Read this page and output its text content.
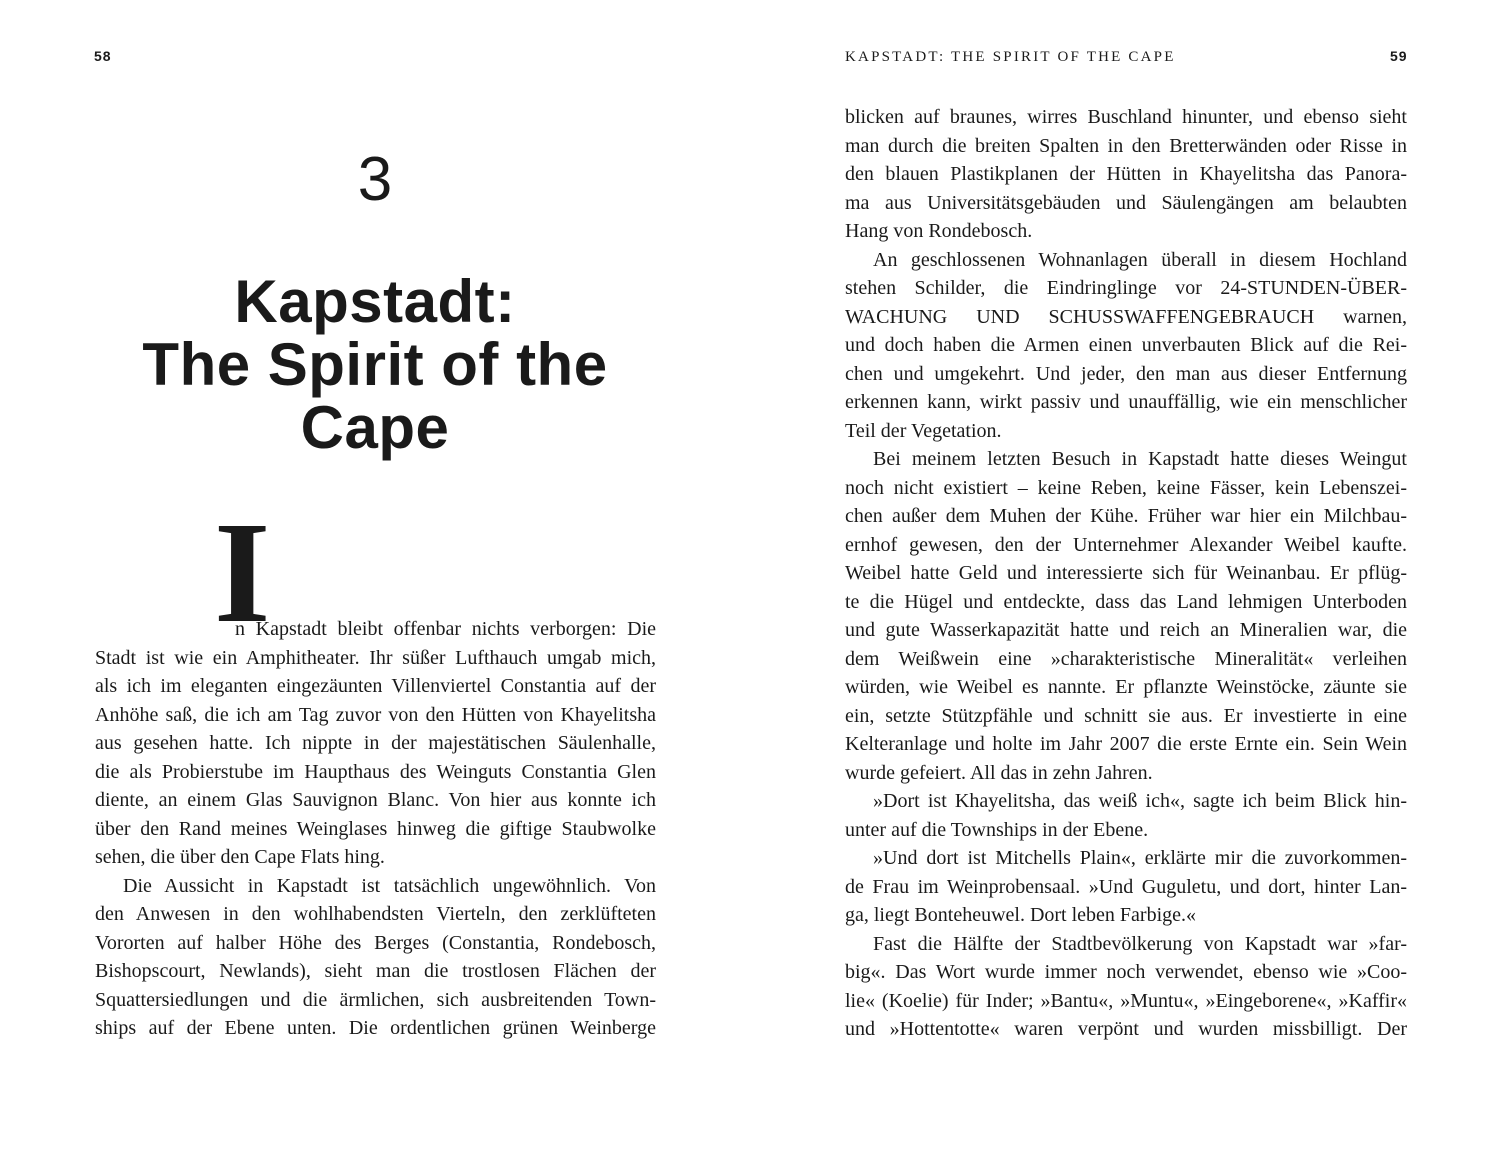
58
3
Kapstadt:
The Spirit of the
Cape
I
n Kapstadt bleibt offenbar nichts verborgen: Die
Stadt ist wie ein Amphitheater. Ihr süßer Lufthauch umgab mich,
als ich im eleganten eingezäunten Villenviertel Constantia auf der
Anhöhe saß, die ich am Tag zuvor von den Hütten von Khayelitsha
aus gesehen hatte. Ich nippte in der majestätischen Säulenhalle,
die als Probierstube im Haupthaus des Weinguts Constantia Glen
diente, an einem Glas Sauvignon Blanc. Von hier aus konnte ich
über den Rand meines Weinglases hinweg die giftige Staubwolke
sehen, die über den Cape Flats hing.
Die Aussicht in Kapstadt ist tatsächlich ungewöhnlich. Von
den Anwesen in den wohlhabendsten Vierteln, den zerklüfteten
Vororten auf halber Höhe des Berges (Constantia, Rondebosch,
Bishopscourt, Newlands), sieht man die trostlosen Flächen der
Squattersiedlungen und die ärmlichen, sich ausbreitenden Town-
ships auf der Ebene unten. Die ordentlichen grünen Weinberge
KAPSTADT: THE SPIRIT OF THE CAPE	59
blicken auf braunes, wirres Buschland hinunter, und ebenso sieht
man durch die breiten Spalten in den Bretterwänden oder Risse in
den blauen Plastikplanen der Hütten in Khayelitsha das Panora-
ma aus Universitätsgebäuden und Säulengängen am belaubten
Hang von Rondebosch.
An geschlossenen Wohnanlagen überall in diesem Hochland
stehen Schilder, die Eindringlinge vor 24-STUNDEN-ÜBER-
WACHUNG UND SCHUSSWAFFENGEBRAUCH warnen,
und doch haben die Armen einen unverbauten Blick auf die Rei-
chen und umgekehrt. Und jeder, den man aus dieser Entfernung
erkennen kann, wirkt passiv und unauffällig, wie ein menschlicher
Teil der Vegetation.
Bei meinem letzten Besuch in Kapstadt hatte dieses Weingut
noch nicht existiert – keine Reben, keine Fässer, kein Lebenszei-
chen außer dem Muhen der Kühe. Früher war hier ein Milchbau-
ernhof gewesen, den der Unternehmer Alexander Weibel kaufte.
Weibel hatte Geld und interessierte sich für Weinanbau. Er pflüg-
te die Hügel und entdeckte, dass das Land lehmigen Unterboden
und gute Wasserkapazität hatte und reich an Mineralien war, die
dem Weißwein eine »charakteristische Mineralität« verleihen
würden, wie Weibel es nannte. Er pflanzte Weinstöcke, zäunte sie
ein, setzte Stützpfähle und schnitt sie aus. Er investierte in eine
Kelteranlage und holte im Jahr 2007 die erste Ernte ein. Sein Wein
wurde gefeiert. All das in zehn Jahren.
»Dort ist Khayelitsha, das weiß ich«, sagte ich beim Blick hin-
unter auf die Townships in der Ebene.
»Und dort ist Mitchells Plain«, erklärte mir die zuvorkommen-
de Frau im Weinprobensaal. »Und Guguletu, und dort, hinter Lan-
ga, liegt Bonteheuwel. Dort leben Farbige.«
Fast die Hälfte der Stadtbevölkerung von Kapstadt war »far-
big«. Das Wort wurde immer noch verwendet, ebenso wie »Coo-
lie« (Koelie) für Inder; »Bantu«, »Muntu«, »Eingeborene«, »Kaffir«
und »Hottentotte« waren verpönt und wurden missbilligt. Der
